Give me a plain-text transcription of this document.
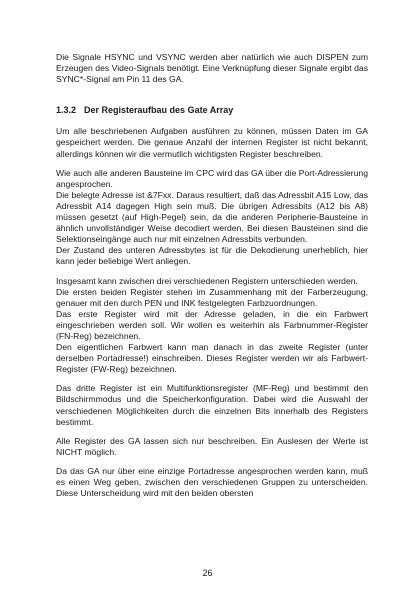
Die Signale HSYNC und VSYNC werden aber natürlich wie auch DISPEN zum Erzeugen des Video-Signals benötigt. Eine Verknüpfung dieser Signale ergibt das SYNC*-Signal am Pin 11 des GA.

1.3.2 Der Registeraufbau des Gate Array

Um alle beschriebenen Aufgaben ausführen zu können, müssen Daten im GA gespeichert werden. Die genaue Anzahl der internen Register ist nicht bekannt, allerdings können wir die vermutlich wichtigsten Register beschreiben.

Wie auch alle anderen Bausteine im CPC wird das GA über die Port-Adressierung angesprochen.

Die belegte Adresse ist &7Fxx. Daraus resultiert, daß das Adressbit A15 Low, das Adressbit A14 dagegen High sein muß. Die übrigen Adressbits (A12 bis A8) müssen gesetzt (auf High-Pegel) sein, da die anderen Peripherie-Bausteine in ähnlich unvollständiger Weise decodiert werden. Bei diesen Bausteinen sind die Selektionseingänge auch nur mit einzelnen Adressbits verbunden.

Der Zustand des unteren Adressbytes ist für die Dekodierung unerheblich, hier kann jeder beliebige Wert anliegen.

Insgesamt kann zwischen drei verschiedenen Registern unterschieden werden.

Die ersten beiden Register stehen im Zusammenhang mit der Farberzeugung, genauer mit den durch PEN und INK festgelegten Farbzuordnungen.

Das erste Register wird mit der Adresse geladen, in die ein Farbwert eingeschrieben werden soll. Wir wollen es weiterhin als Farbnummer-Register (FN-Reg) bezeichnen.

Den eigentlichen Farbwert kann man danach in das zweite Register (unter derselben Portadresse!) einschreiben. Dieses Register werden wir als Farbwert-Register (FW-Reg) bezeichnen.

Das dritte Register ist ein Multifunktionsregister (MF-Reg) und bestimmt den Bildschirmmodus und die Speicherkonfiguration. Dabei wird die Auswahl der verschiedenen Möglichkeiten durch die einzelnen Bits innerhalb des Registers bestimmt.

Alle Register des GA lassen sich nur beschreiben. Ein Auslesen der Werte ist NICHT möglich.

Da das GA nur über eine einzige Portadresse angesprochen werden kann, muß es einen Weg geben, zwischen den verschiedenen Gruppen zu unterscheiden. Diese Unterscheidung wird mit den beiden obersten

26
